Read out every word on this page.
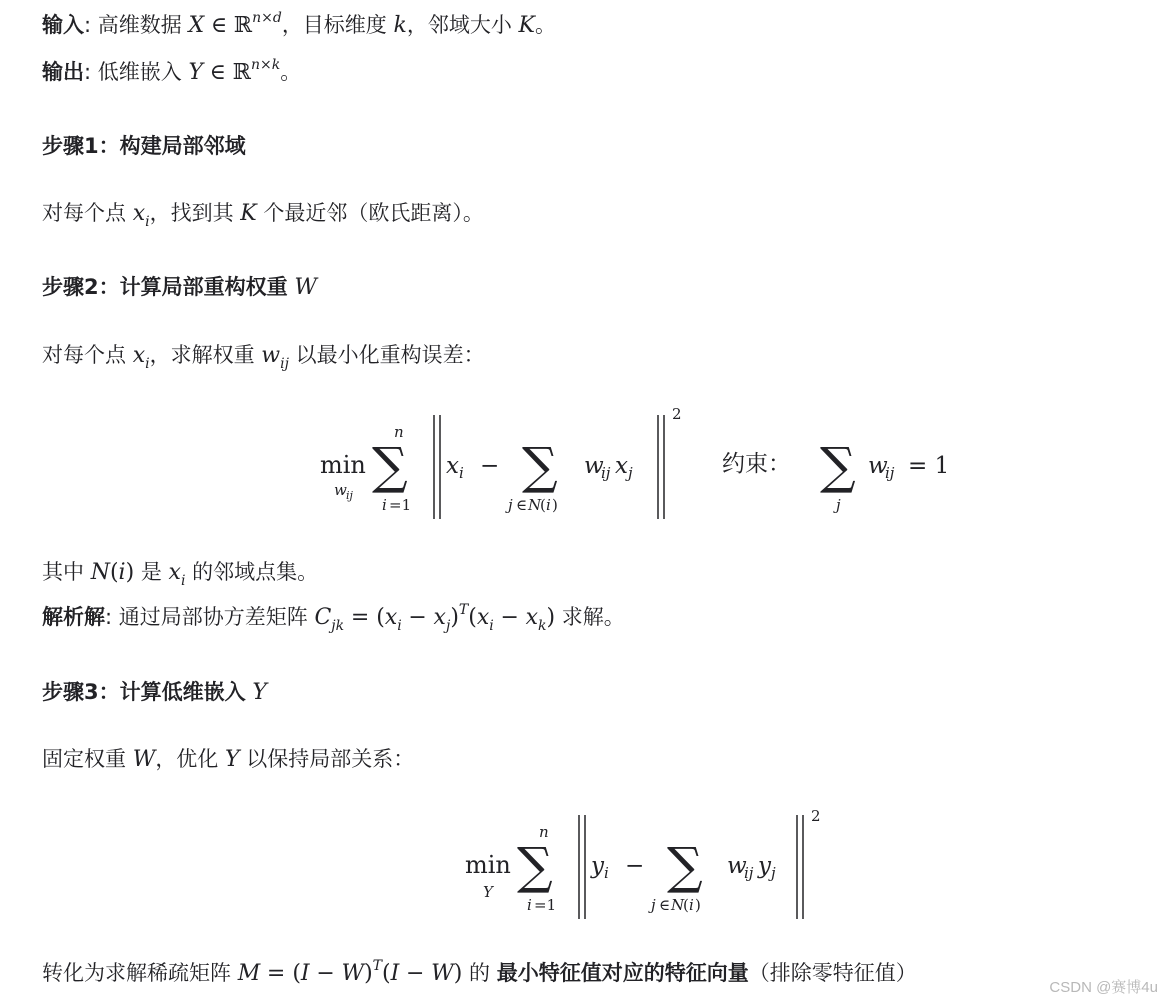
输入: 高维数据 X ∈ ℝ$^{n\times d}$，目标维度 k，邻域大小 K。
输出: 低维嵌入 Y ∈ ℝ$^{n\times k}$。
步骤1：构建局部邻域
对每个点 $x_i$，找到其 K 个最近邻（欧氏距离）。
步骤2：计算局部重构权重 W
对每个点 $x_i$，求解权重 $w_{ij}$ 以最小化重构误差：
min
w ij
n
∑
i =1
x i − ∑
j ∈ N
( i )
w
ij x j
2
约束： ∑
j
w
ij = 1
其中 N(i) 是 $x_i$ 的邻域点集。
解析解: 通过局部协方差矩阵 $C_{jk} = (x_i - x_j)^T(x_i - x_k)$ 求解。
步骤3：计算低维嵌入 Y
固定权重 W，优化 Y 以保持局部关系：
min
Y
n
∑
i =1
y i − ∑
j ∈ N
( i )
w
ij y j
2
转化为求解稀疏矩阵 $M = (I - W)^T(I - W)$ 的 最小特征值对应的特征向量（排除零特征值）
CSDN @赛博4u
